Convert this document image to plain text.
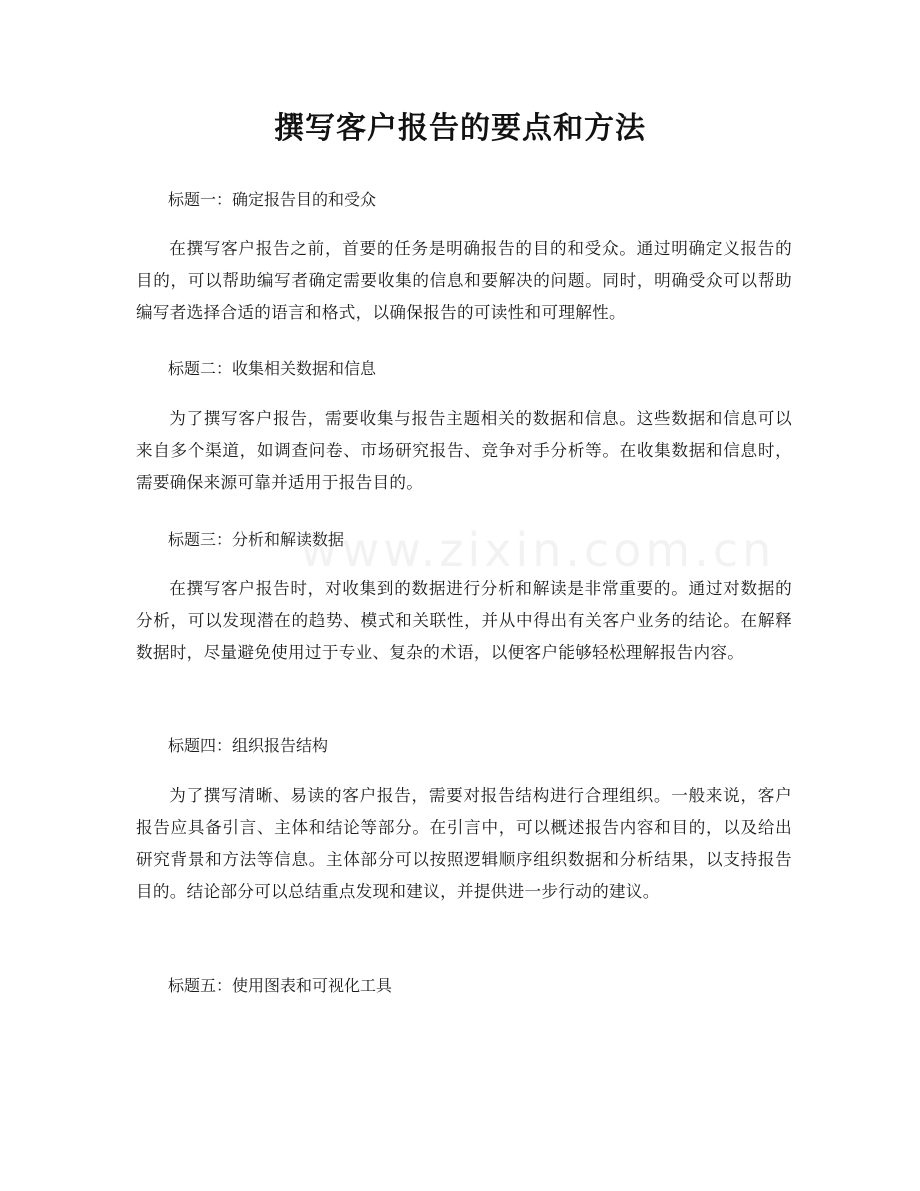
www.zixin.com.cn
撰写客户报告的要点和方法
标题一：确定报告目的和受众

在撰写客户报告之前，首要的任务是明确报告的目的和受众。通过明确定义报告的目的，可以帮助编写者确定需要收集的信息和要解决的问题。同时，明确受众可以帮助编写者选择合适的语言和格式，以确保报告的可读性和可理解性。

标题二：收集相关数据和信息

为了撰写客户报告，需要收集与报告主题相关的数据和信息。这些数据和信息可以来自多个渠道，如调查问卷、市场研究报告、竞争对手分析等。在收集数据和信息时，需要确保来源可靠并适用于报告目的。

标题三：分析和解读数据

在撰写客户报告时，对收集到的数据进行分析和解读是非常重要的。通过对数据的分析，可以发现潜在的趋势、模式和关联性，并从中得出有关客户业务的结论。在解释数据时，尽量避免使用过于专业、复杂的术语，以便客户能够轻松理解报告内容。

标题四：组织报告结构

为了撰写清晰、易读的客户报告，需要对报告结构进行合理组织。一般来说，客户报告应具备引言、主体和结论等部分。在引言中，可以概述报告内容和目的，以及给出研究背景和方法等信息。主体部分可以按照逻辑顺序组织数据和分析结果，以支持报告目的。结论部分可以总结重点发现和建议，并提供进一步行动的建议。

标题五：使用图表和可视化工具
